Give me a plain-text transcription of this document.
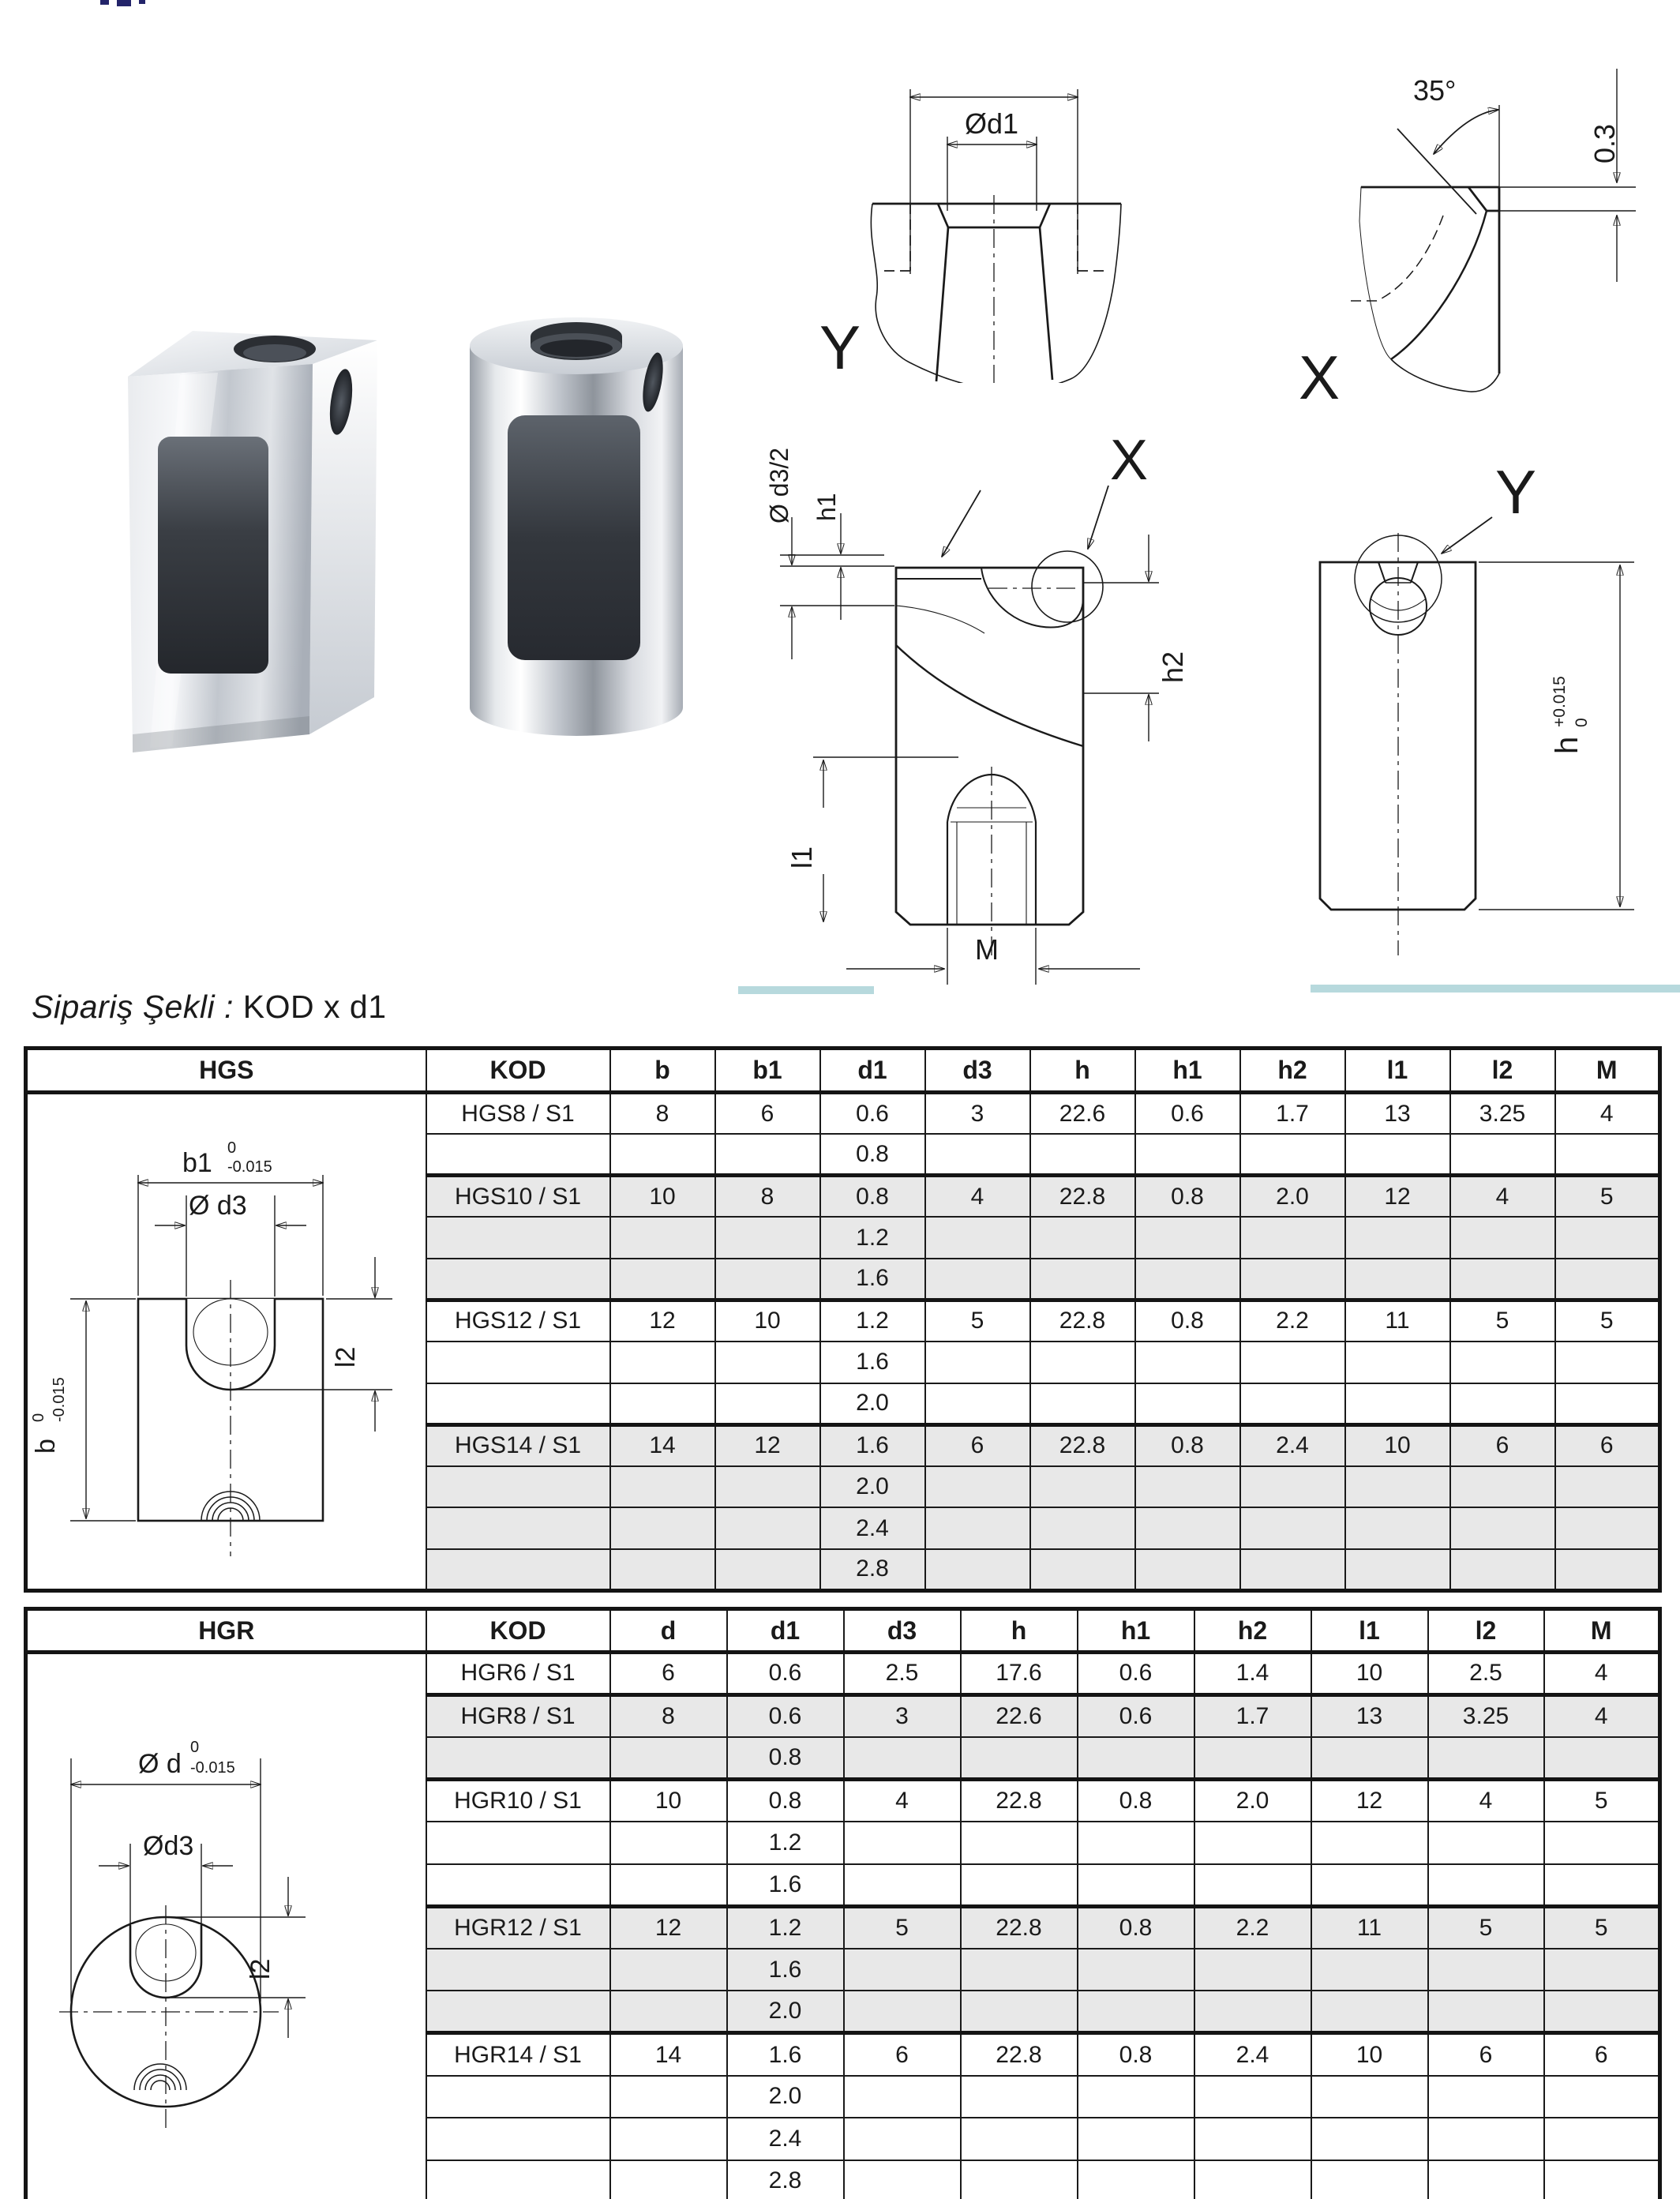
Ød1
Y
35°
0.3
X
X
Ø d3/2 h1
l1
h2
M
Y
h
+0.015 0
Sipariş Şekli : KOD x d1
HGS	KOD	b	b1	d1	d3	h	h1	h2	l1	l2	M

b1 0
-0.015
Ø d3
l2
b
0 -0.015
	HGS8 / S1	8	6	0.6	3	22.6	0.6	1.7	13	3.25	4
				0.8							
	HGS10 / S1	10	8	0.8	4	22.8	0.8	2.0	12	4	5
				1.2							
				1.6							
	HGS12 / S1	12	10	1.2	5	22.8	0.8	2.2	11	5	5
				1.6							
				2.0							
	HGS14 / S1	14	12	1.6	6	22.8	0.8	2.4	10	6	6
				2.0							
				2.4							
				2.8							
HGR	KOD	d	d1	d3	h	h1	h2	l1	l2	M

Ø d
0
-0.015
Ød3
l2	HGR6 / S1	6	0.6	2.5	17.6	0.6	1.4	10	2.5	4
	HGR8 / S1	8	0.6	3	22.6	0.6	1.7	13	3.25	4
			0.8							
	HGR10 / S1	10	0.8	4	22.8	0.8	2.0	12	4	5
			1.2							
			1.6							
	HGR12 / S1	12	1.2	5	22.8	0.8	2.2	11	5	5
			1.6							
			2.0							
	HGR14 / S1	14	1.6	6	22.8	0.8	2.4	10	6	6
			2.0							
			2.4							
			2.8							
